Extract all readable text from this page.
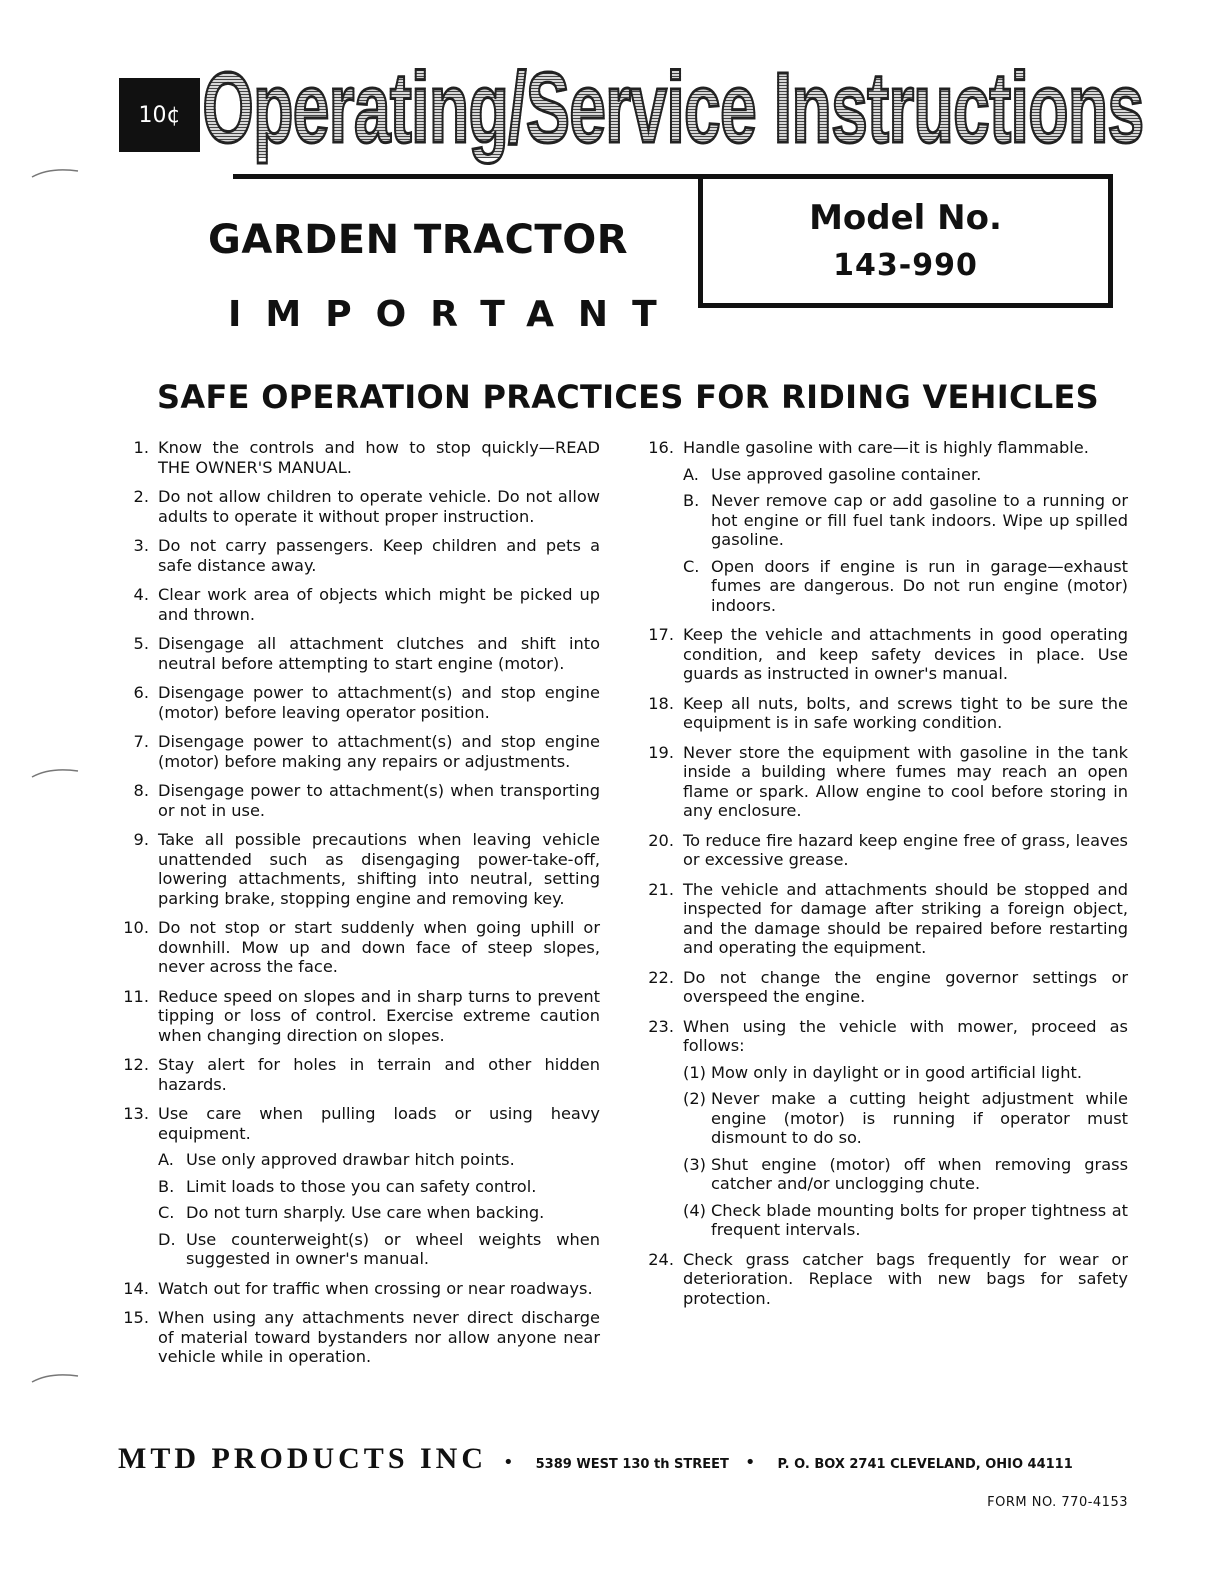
10¢ Operating/Service Instructions
Model No.
143-990
GARDEN TRACTOR
IMPORTANT
SAFE OPERATION PRACTICES FOR RIDING VEHICLES
1. Know the controls and how to stop quickly—READ THE OWNER'S MANUAL.
2. Do not allow children to operate vehicle. Do not allow adults to operate it without proper instruction.
3. Do not carry passengers. Keep children and pets a safe distance away.
4. Clear work area of objects which might be picked up and thrown.
5. Disengage all attachment clutches and shift into neutral before attempting to start engine (motor).
6. Disengage power to attachment(s) and stop engine (motor) before leaving operator position.
7. Disengage power to attachment(s) and stop engine (motor) before making any repairs or adjustments.
8. Disengage power to attachment(s) when transporting or not in use.
9. Take all possible precautions when leaving vehicle unattended such as disengaging power-take-off, lowering attachments, shifting into neutral, setting parking brake, stopping engine and removing key.
10. Do not stop or start suddenly when going uphill or downhill. Mow up and down face of steep slopes, never across the face.
11. Reduce speed on slopes and in sharp turns to prevent tipping or loss of control. Exercise extreme caution when changing direction on slopes.
12. Stay alert for holes in terrain and other hidden hazards.
13. Use care when pulling loads or using heavy equipment.
A. Use only approved drawbar hitch points.
B. Limit loads to those you can safety control.
C. Do not turn sharply. Use care when backing.
D. Use counterweight(s) or wheel weights when suggested in owner's manual.
14. Watch out for traffic when crossing or near roadways.
15. When using any attachments never direct discharge of material toward bystanders nor allow anyone near vehicle while in operation.
16. Handle gasoline with care—it is highly flammable.
A. Use approved gasoline container.
B. Never remove cap or add gasoline to a running or hot engine or fill fuel tank indoors. Wipe up spilled gasoline.
C. Open doors if engine is run in garage—exhaust fumes are dangerous. Do not run engine (motor) indoors.
17. Keep the vehicle and attachments in good operating condition, and keep safety devices in place. Use guards as instructed in owner's manual.
18. Keep all nuts, bolts, and screws tight to be sure the equipment is in safe working condition.
19. Never store the equipment with gasoline in the tank inside a building where fumes may reach an open flame or spark. Allow engine to cool before storing in any enclosure.
20. To reduce fire hazard keep engine free of grass, leaves or excessive grease.
21. The vehicle and attachments should be stopped and inspected for damage after striking a foreign object, and the damage should be repaired before restarting and operating the equipment.
22. Do not change the engine governor settings or overspeed the engine.
23. When using the vehicle with mower, proceed as follows:
(1) Mow only in daylight or in good artificial light.
(2) Never make a cutting height adjustment while engine (motor) is running if operator must dismount to do so.
(3) Shut engine (motor) off when removing grass catcher and/or unclogging chute.
(4) Check blade mounting bolts for proper tightness at frequent intervals.
24. Check grass catcher bags frequently for wear or deterioration. Replace with new bags for safety protection.
MTD PRODUCTS INC • 5389 WEST 130 th STREET • P. O. BOX 2741 CLEVELAND, OHIO 44111
FORM NO. 770-4153
